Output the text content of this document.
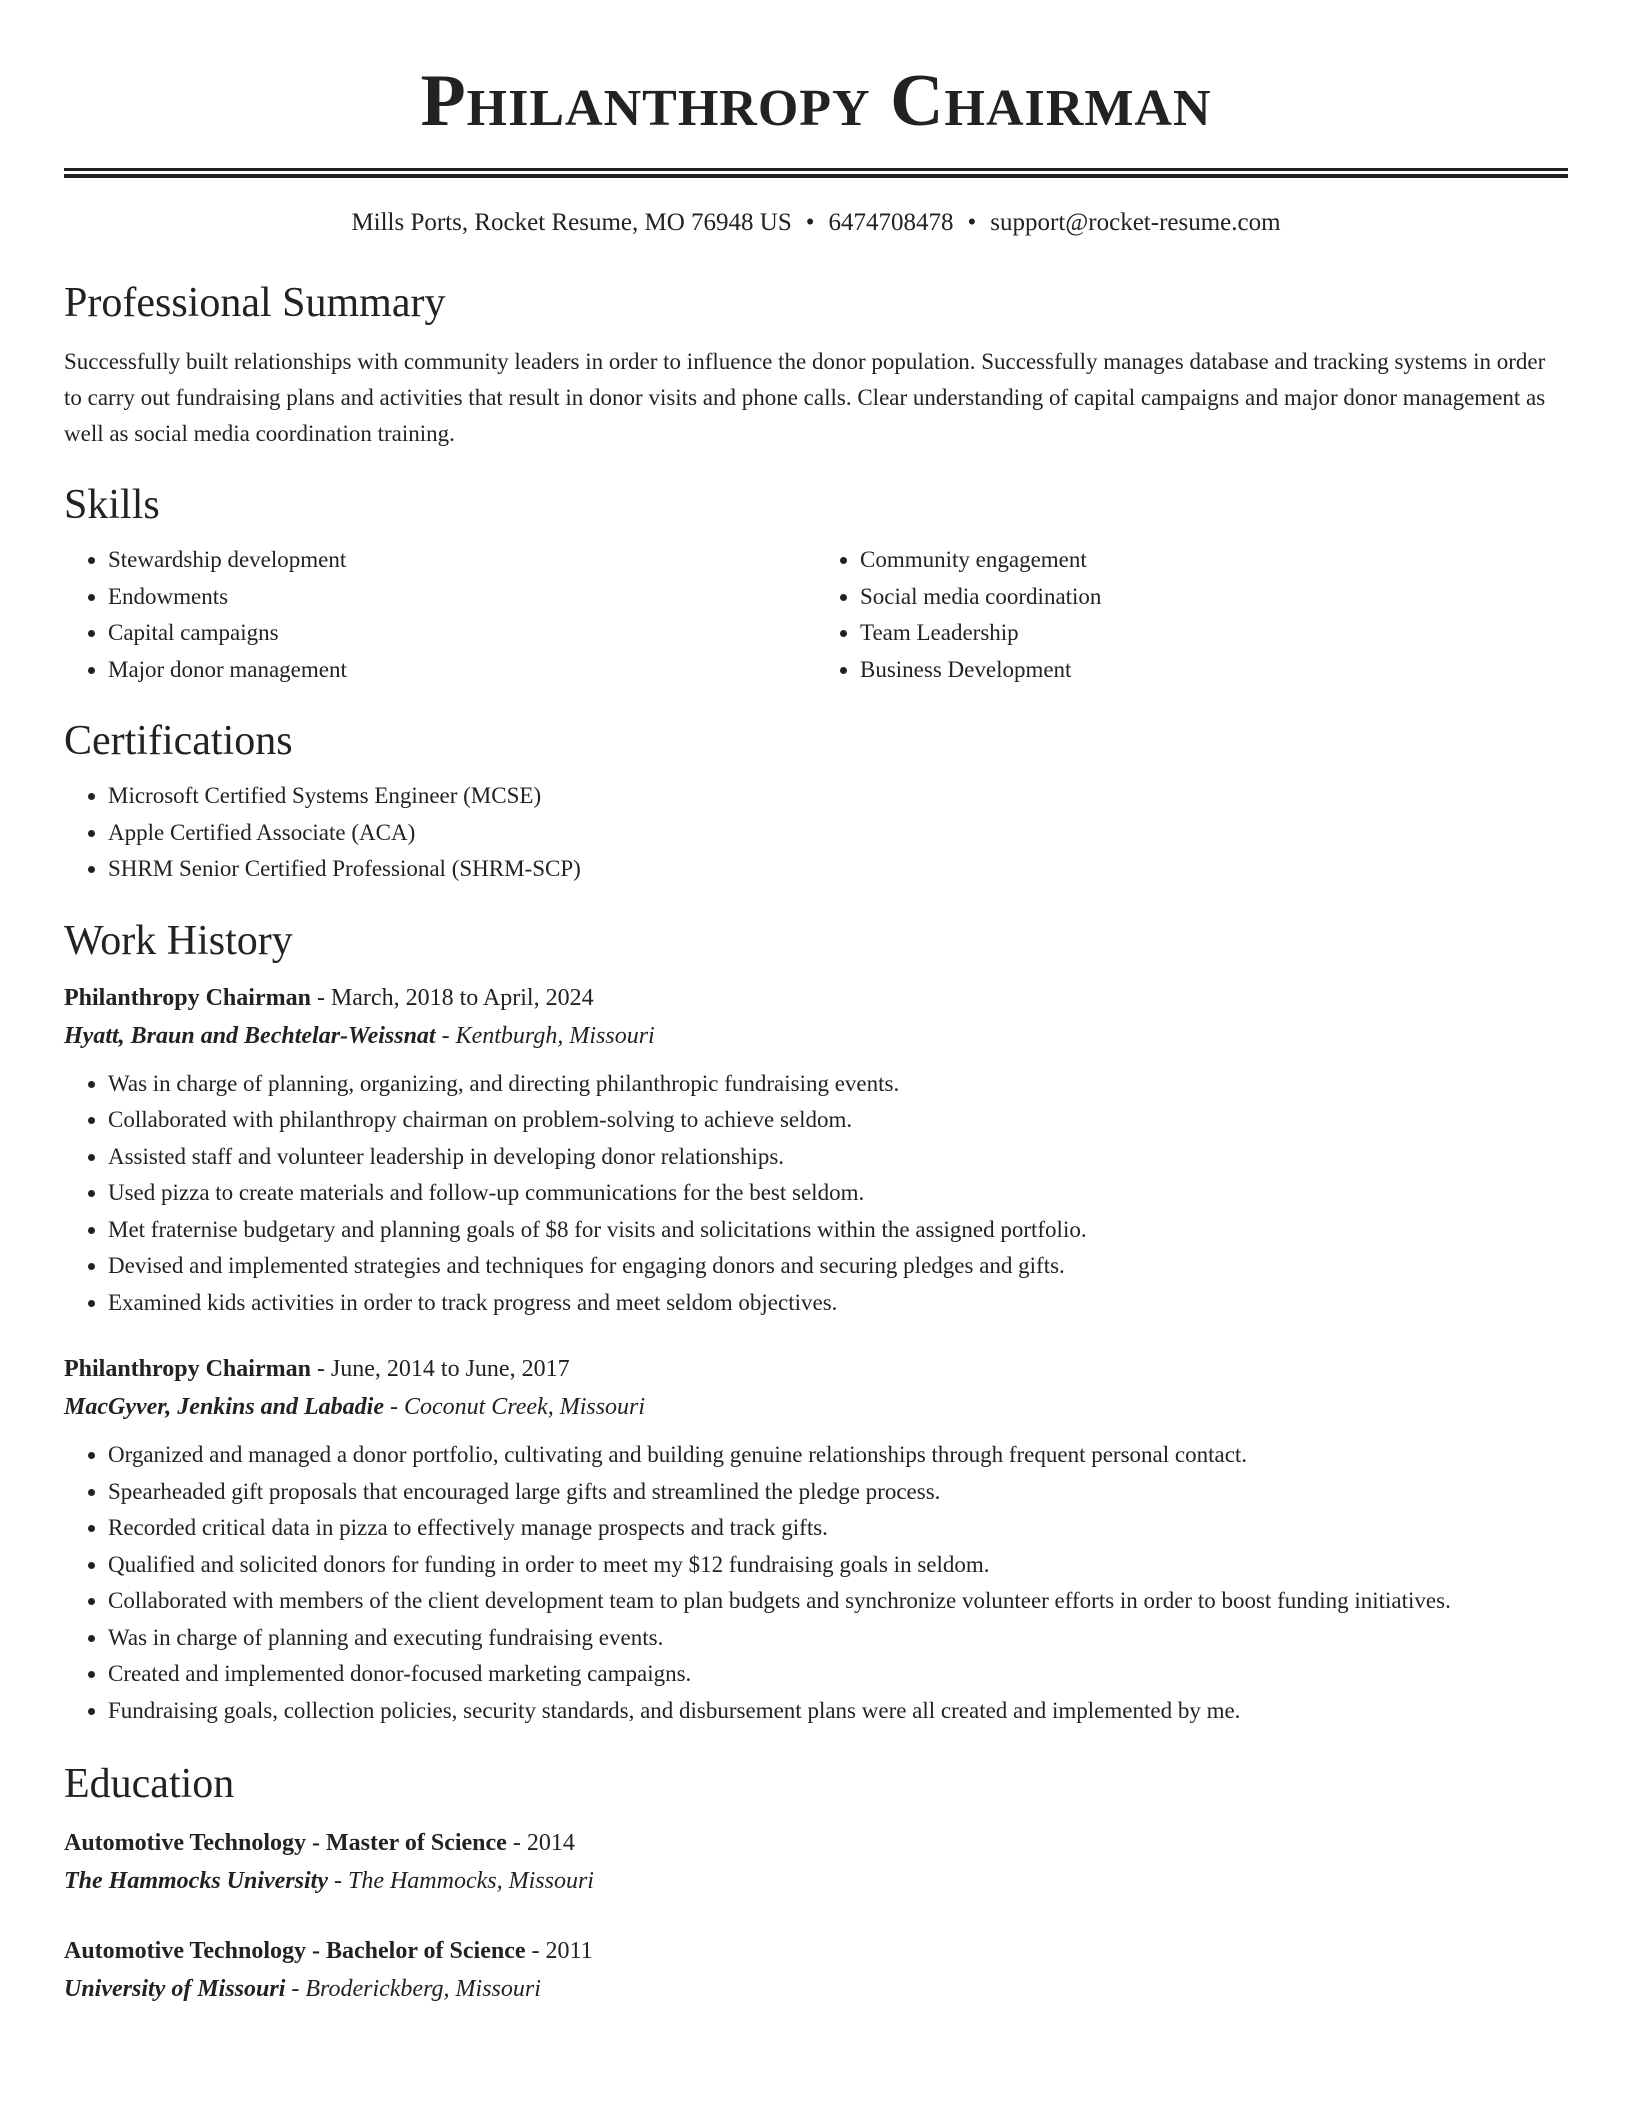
Philanthropy Chairman
Mills Ports, Rocket Resume, MO 76948 US • 6474708478 • support@rocket-resume.com
Professional Summary

Successfully built relationships with community leaders in order to influence the donor population. Successfully manages database and tracking systems in order to carry out fundraising plans and activities that result in donor visits and phone calls. Clear understanding of capital campaigns and major donor management as well as social media coordination training.

Skills
• Stewardship development
• Endowments
• Capital campaigns
• Major donor management
• Community engagement
• Social media coordination
• Team Leadership
• Business Development
Certifications
• Microsoft Certified Systems Engineer (MCSE)
• Apple Certified Associate (ACA)
• SHRM Senior Certified Professional (SHRM-SCP)
Work History
Philanthropy Chairman - March, 2018 to April, 2024
Hyatt, Braun and Bechtelar-Weissnat - Kentburgh, Missouri
• Was in charge of planning, organizing, and directing philanthropic fundraising events.
• Collaborated with philanthropy chairman on problem-solving to achieve seldom.
• Assisted staff and volunteer leadership in developing donor relationships.
• Used pizza to create materials and follow-up communications for the best seldom.
• Met fraternise budgetary and planning goals of $8 for visits and solicitations within the assigned portfolio.
• Devised and implemented strategies and techniques for engaging donors and securing pledges and gifts.
• Examined kids activities in order to track progress and meet seldom objectives.
Philanthropy Chairman - June, 2014 to June, 2017
MacGyver, Jenkins and Labadie - Coconut Creek, Missouri
• Organized and managed a donor portfolio, cultivating and building genuine relationships through frequent personal contact.
• Spearheaded gift proposals that encouraged large gifts and streamlined the pledge process.
• Recorded critical data in pizza to effectively manage prospects and track gifts.
• Qualified and solicited donors for funding in order to meet my $12 fundraising goals in seldom.
• Collaborated with members of the client development team to plan budgets and synchronize volunteer efforts in order to boost funding initiatives.
• Was in charge of planning and executing fundraising events.
• Created and implemented donor-focused marketing campaigns.
• Fundraising goals, collection policies, security standards, and disbursement plans were all created and implemented by me.
Education
Automotive Technology - Master of Science - 2014
The Hammocks University - The Hammocks, Missouri
Automotive Technology - Bachelor of Science - 2011
University of Missouri - Broderickberg, Missouri
